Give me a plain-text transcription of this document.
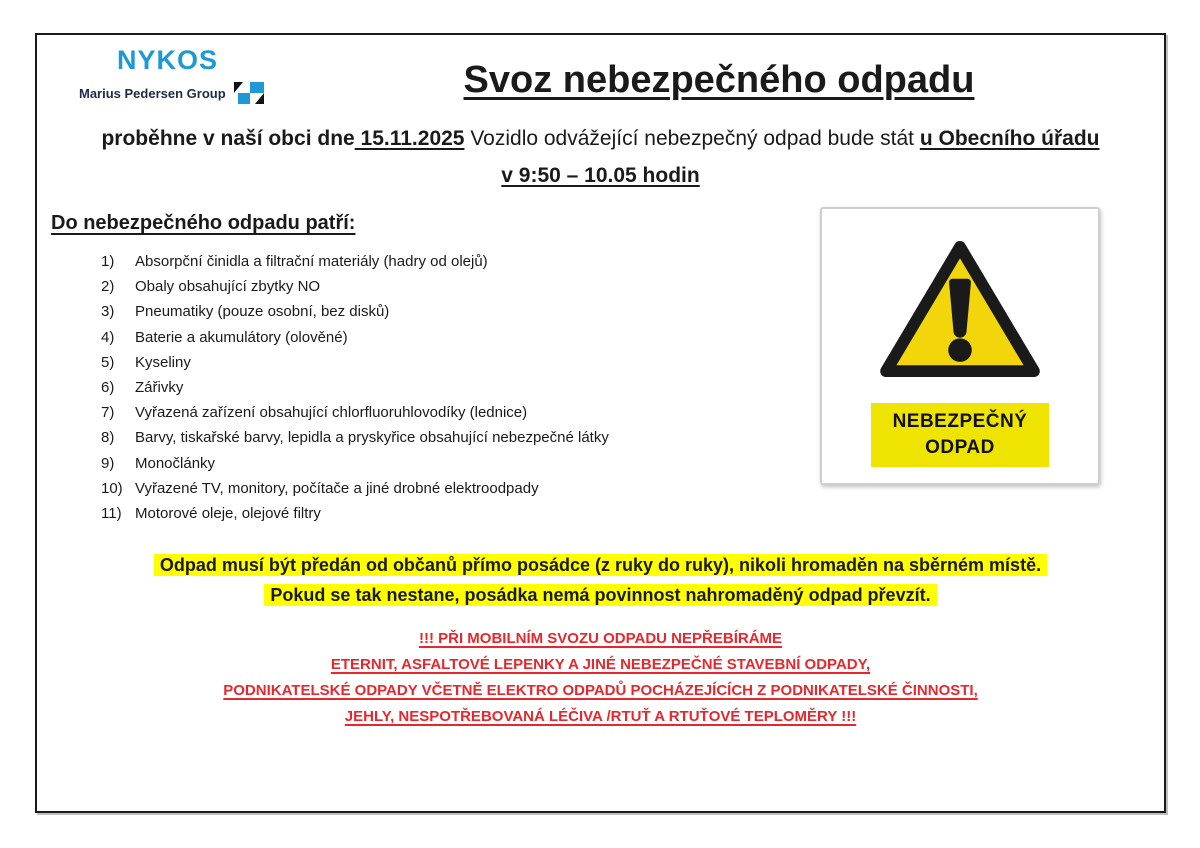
NYKOS
Marius Pedersen Group	Svoz nebezpečného odpadu
proběhne v naší obci dne 15.11.2025 Vozidlo odvážející nebezpečný odpad bude stát u Obecního úřadu
v 9:50 – 10.05 hodin
Do nebezpečného odpadu patří:
1)	Absorpční činidla a filtrační materiály (hadry od olejů)
2)	Obaly obsahující zbytky NO
3)	Pneumatiky (pouze osobní, bez disků)
4)	Baterie a akumulátory (olověné)
5)	Kyseliny
6)	Zářivky
7)	Vyřazená zařízení obsahující chlorfluoruhlovodíky (lednice)
8)	Barvy, tiskařské barvy, lepidla a pryskyřice obsahující nebezpečné látky
9)	Monočlánky
10) Vyřazené TV, monitory, počítače a jiné drobné elektroodpady
11) Motorové oleje, olejové filtry
NEBEZPEČNÝ
ODPAD
Odpad musí být předán od občanů přímo posádce (z ruky do ruky), nikoli hromaděn na sběrném místě.
Pokud se tak nestane, posádka nemá povinnost nahromaděný odpad převzít.
!!! PŘI MOBILNÍM SVOZU ODPADU NEPŘEBÍRÁME
ETERNIT, ASFALTOVÉ LEPENKY A JINÉ NEBEZPEČNÉ STAVEBNÍ ODPADY,
PODNIKATELSKÉ ODPADY VČETNĚ ELEKTRO ODPADŮ POCHÁZEJÍCÍCH Z PODNIKATELSKÉ ČINNOSTI,
JEHLY, NESPOTŘEBOVANÁ LÉČIVA /RTUŤ A RTUŤOVÉ TEPLOMĚRY !!!
